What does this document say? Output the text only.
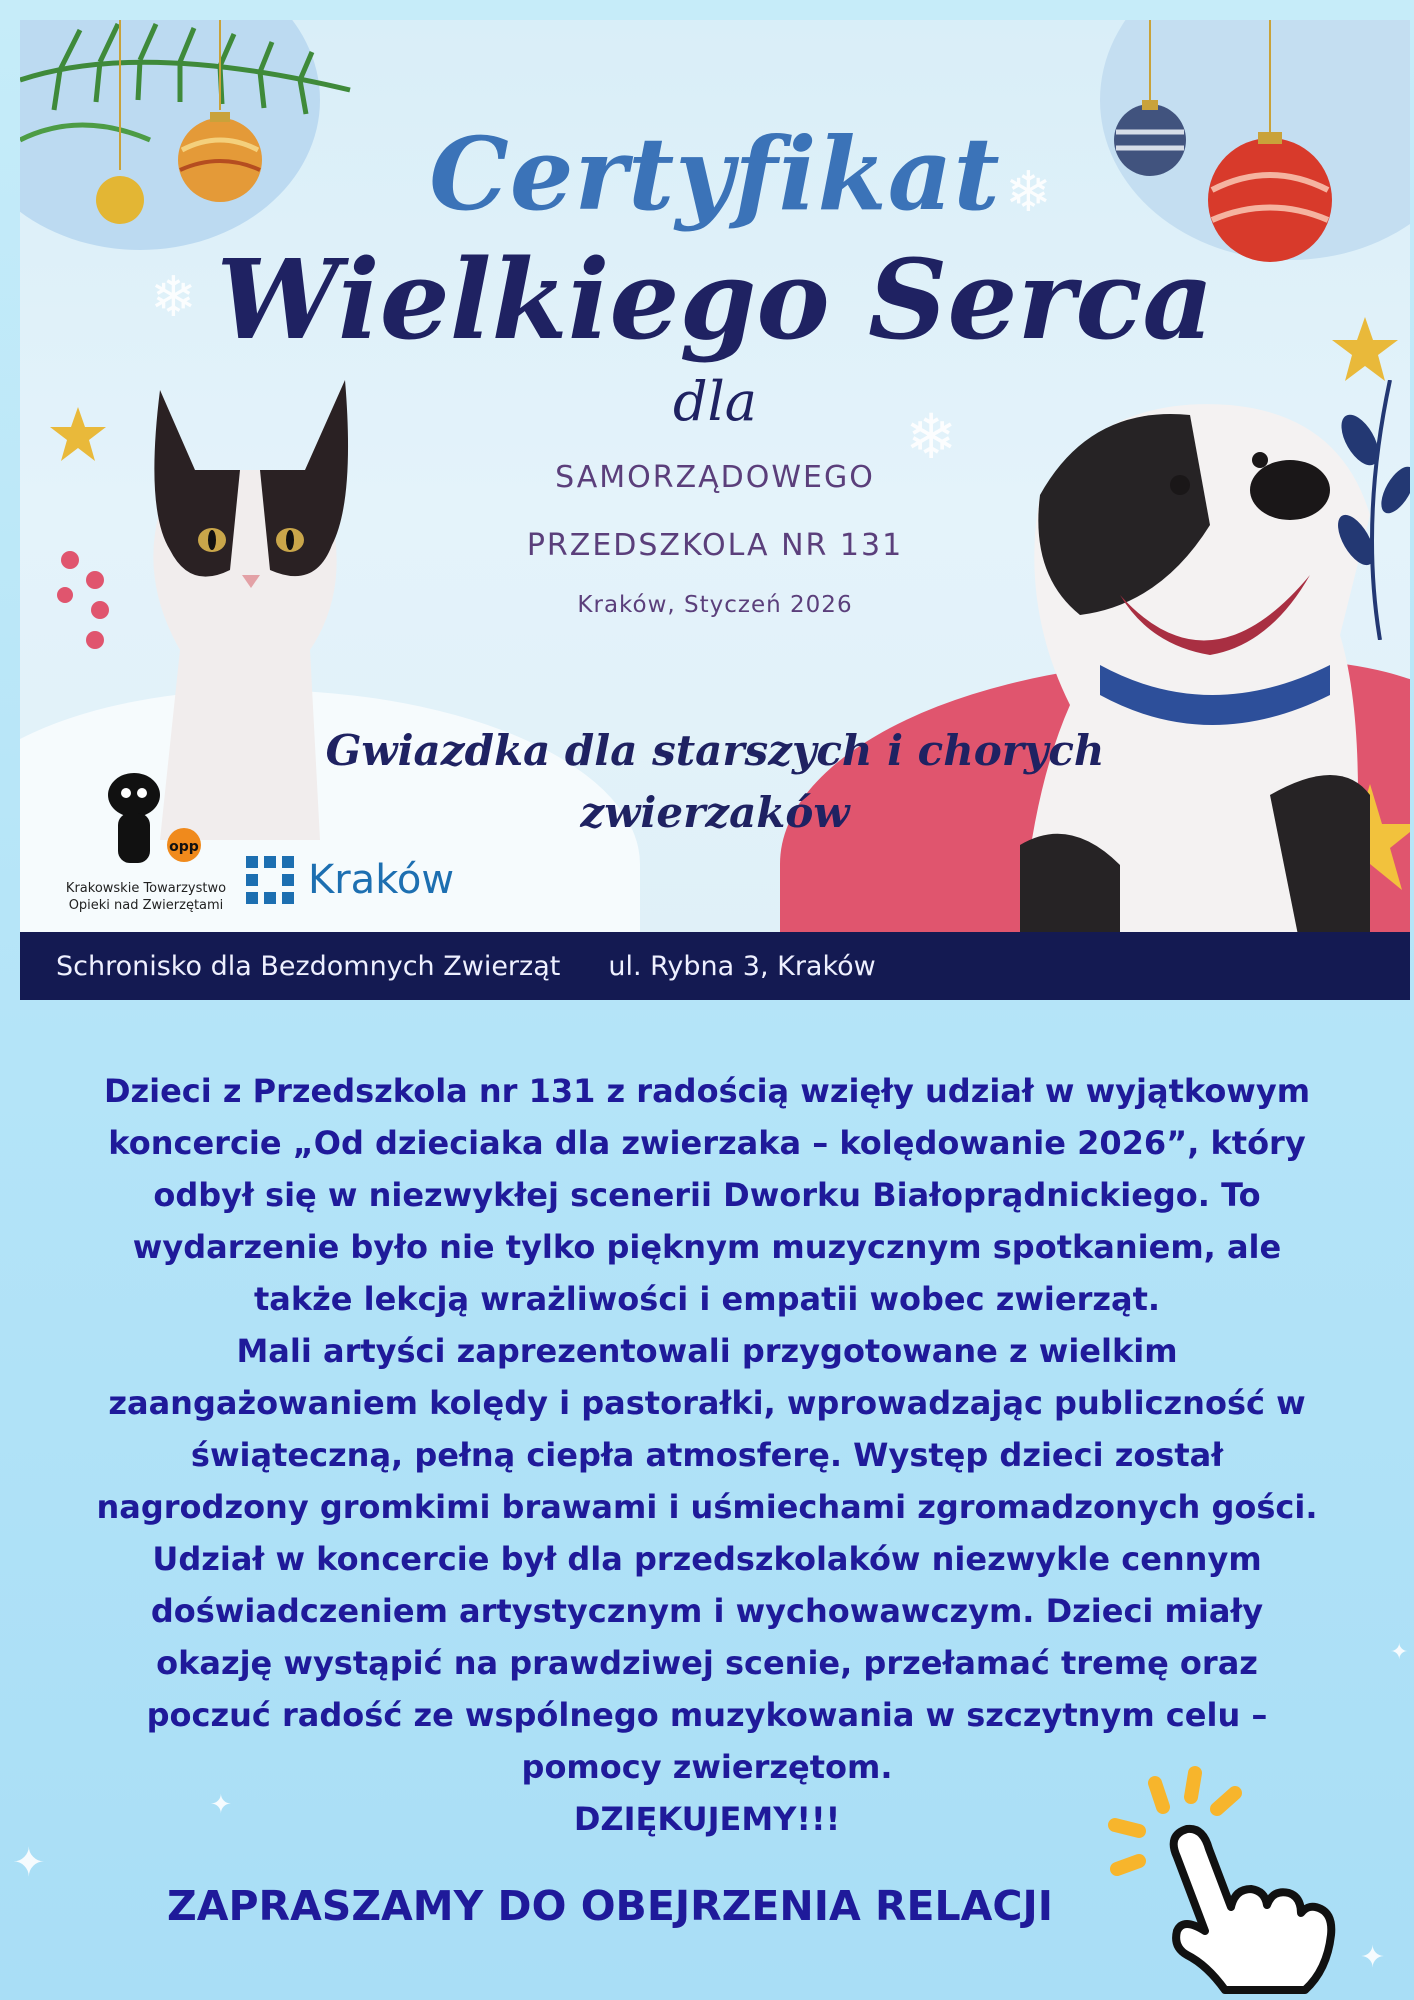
❄
❄
❄
Certyfikat
Wielkiego Serca
dla
SAMORZĄDOWEGO
PRZEDSZKOLA NR 131
Kraków, Styczeń 2026
Gwiazdka dla starszych i chorych
zwierzaków
opp
Krakowskie Towarzystwo
Opieki nad Zwierzętami
Kraków
Schronisko dla Bezdomnych Zwierząt ul. Rybna 3, Kraków
Dzieci z Przedszkola nr 131 z radością wzięły udział w wyjątkowym
koncercie „Od dzieciaka dla zwierzaka – kolędowanie 2026”, który
odbył się w niezwykłej scenerii Dworku Białoprądnickiego. To
wydarzenie było nie tylko pięknym muzycznym spotkaniem, ale
także lekcją wrażliwości i empatii wobec zwierząt.
Mali artyści zaprezentowali przygotowane z wielkim
zaangażowaniem kolędy i pastorałki, wprowadzając publiczność w
świąteczną, pełną ciepła atmosferę. Występ dzieci został
nagrodzony gromkimi brawami i uśmiechami zgromadzonych gości.
Udział w koncercie był dla przedszkolaków niezwykle cennym
doświadczeniem artystycznym i wychowawczym. Dzieci miały
okazję wystąpić na prawdziwej scenie, przełamać tremę oraz
poczuć radość ze wspólnego muzykowania w szczytnym celu –
pomocy zwierzętom.
DZIĘKUJEMY!!!
ZAPRASZAMY DO OBEJRZENIA RELACJI
✦
✦
✦
✦
